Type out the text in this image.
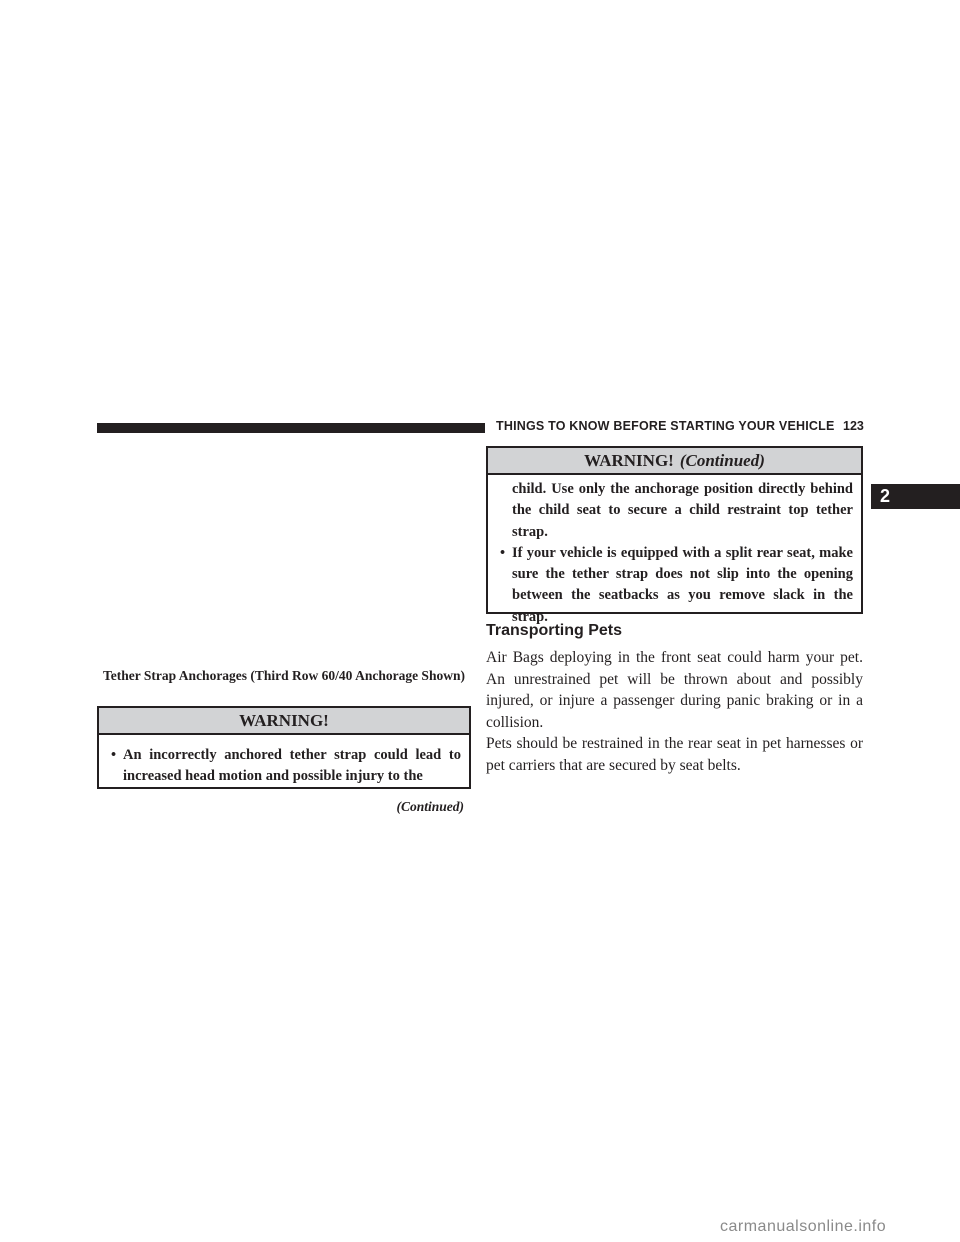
THINGS TO KNOW BEFORE STARTING YOUR VEHICLE 123
2
Tether Strap Anchorages (Third Row 60/40 Anchorage Shown)
WARNING!
• An incorrectly anchored tether strap could lead to increased head motion and possible injury to the
(Continued)
WARNING! (Continued)
child. Use only the anchorage position directly behind the child seat to secure a child restraint top tether strap.
• If your vehicle is equipped with a split rear seat, make sure the tether strap does not slip into the opening between the seatbacks as you remove slack in the strap.
Transporting Pets
Air Bags deploying in the front seat could harm your pet. An unrestrained pet will be thrown about and possibly injured, or injure a passenger during panic braking or in a collision.
Pets should be restrained in the rear seat in pet harnesses or pet carriers that are secured by seat belts.
carmanualsonline.info
